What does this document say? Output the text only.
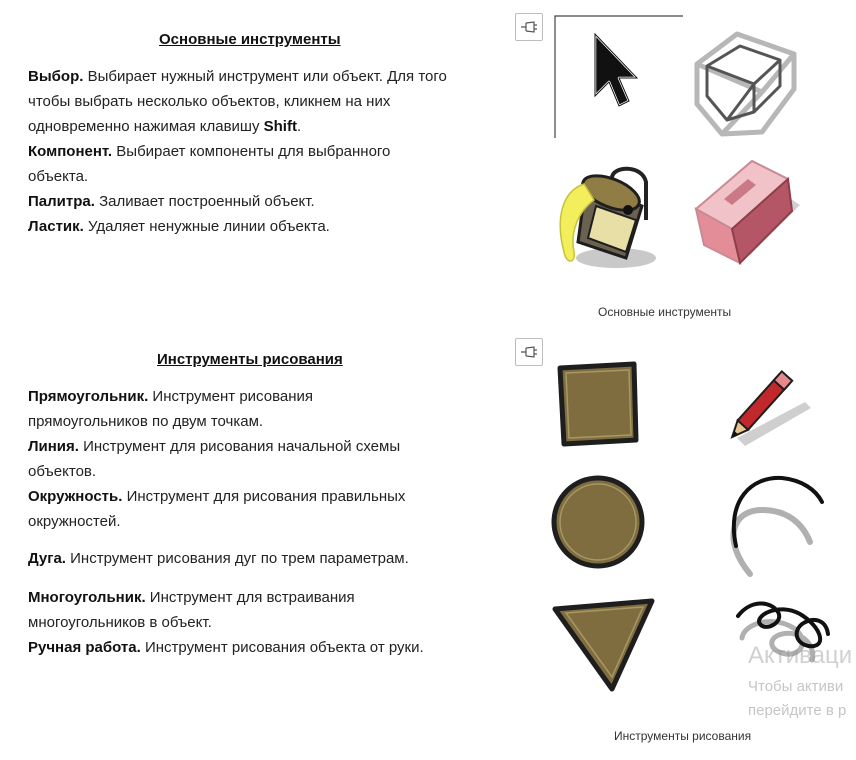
Основные инструменты

Выбор. Выбирает нужный инструмент или объект. Для того чтобы выбрать несколько объектов, кликнем на них одновременно нажимая клавишу Shift.

Компонент. Выбирает компоненты для выбранного объекта.

Палитра. Заливает построенный объект.

Ластик. Удаляет ненужные линии объекта.

Основные инструменты
Инструменты рисования

Прямоугольник. Инструмент рисования прямоугольников по двум точкам.

Линия. Инструмент для рисования начальной схемы объектов.

Окружность. Инструмент для рисования правильных окружностей.

Дуга. Инструмент рисования дуг по трем параметрам.

Многоугольник. Инструмент для встраивания многоугольников в объект.

Ручная работа. Инструмент рисования объекта от руки.

Инструменты рисования
Активаци
Чтобы активи
перейдите в р
